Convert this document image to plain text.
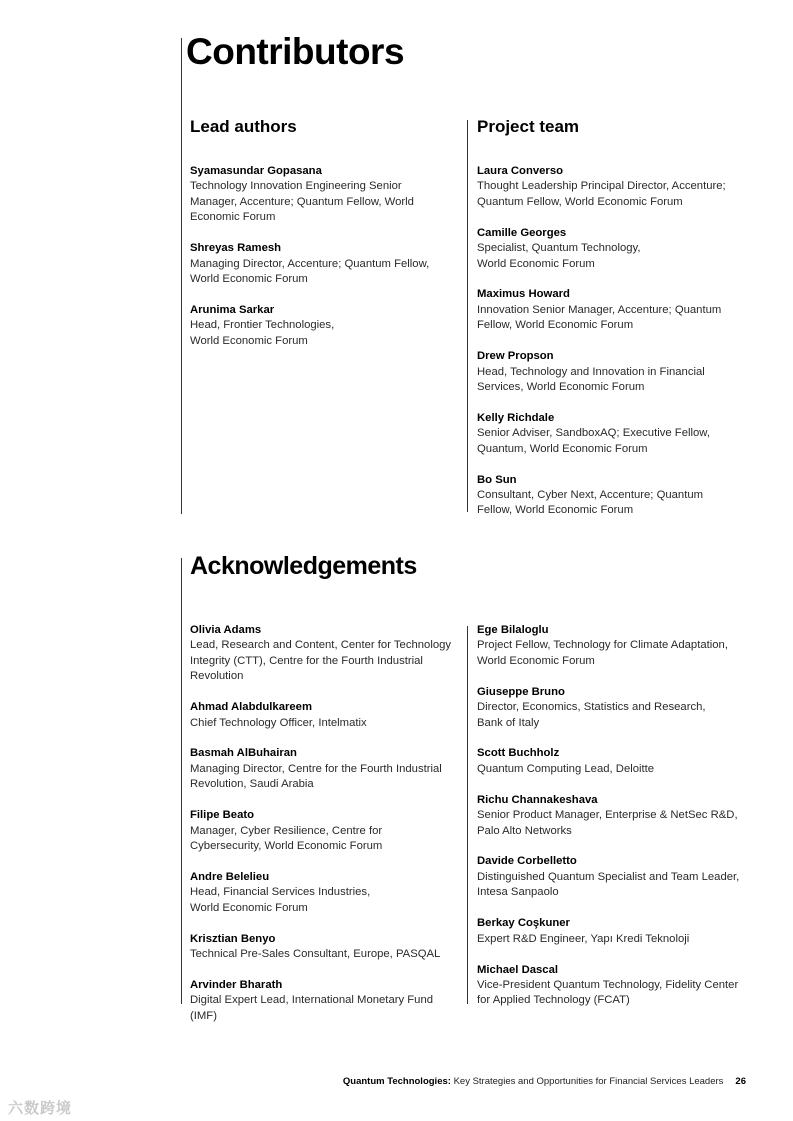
Contributors
Lead authors	Project team
Syamasundar Gopasana
Technology Innovation Engineering Senior Manager, Accenture; Quantum Fellow, World Economic Forum
Shreyas Ramesh
Managing Director, Accenture; Quantum Fellow, World Economic Forum
Arunima Sarkar
Head, Frontier Technologies, World Economic Forum
Laura Converso
Thought Leadership Principal Director, Accenture; Quantum Fellow, World Economic Forum
Camille Georges
Specialist, Quantum Technology, World Economic Forum
Maximus Howard
Innovation Senior Manager, Accenture; Quantum Fellow, World Economic Forum
Drew Propson
Head, Technology and Innovation in Financial Services, World Economic Forum
Kelly Richdale
Senior Adviser, SandboxAQ; Executive Fellow, Quantum, World Economic Forum
Bo Sun
Consultant, Cyber Next, Accenture; Quantum Fellow, World Economic Forum
Acknowledgements
Olivia Adams
Lead, Research and Content, Center for Technology Integrity (CTT), Centre for the Fourth Industrial Revolution
Ahmad Alabdulkareem
Chief Technology Officer, Intelmatix
Basmah AlBuhairan
Managing Director, Centre for the Fourth Industrial Revolution, Saudi Arabia
Filipe Beato
Manager, Cyber Resilience, Centre for Cybersecurity, World Economic Forum
Andre Beleliеu
Head, Financial Services Industries, World Economic Forum
Krisztian Benyo
Technical Pre-Sales Consultant, Europe, PASQAL
Arvinder Bharath
Digital Expert Lead, International Monetary Fund (IMF)
Ege Bilaloglu
Project Fellow, Technology for Climate Adaptation, World Economic Forum
Giuseppe Bruno
Director, Economics, Statistics and Research, Bank of Italy
Scott Buchholz
Quantum Computing Lead, Deloitte
Richu Channakeshava
Senior Product Manager, Enterprise & NetSec R&D, Palo Alto Networks
Davide Corbelletto
Distinguished Quantum Specialist and Team Leader, Intesa Sanpaolo
Berkay Coşkuner
Expert R&D Engineer, Yapı Kredi Teknoloji
Michael Dascal
Vice-President Quantum Technology, Fidelity Center for Applied Technology (FCAT)
Quantum Technologies: Key Strategies and Opportunities for Financial Services Leaders 26
六数跨境
